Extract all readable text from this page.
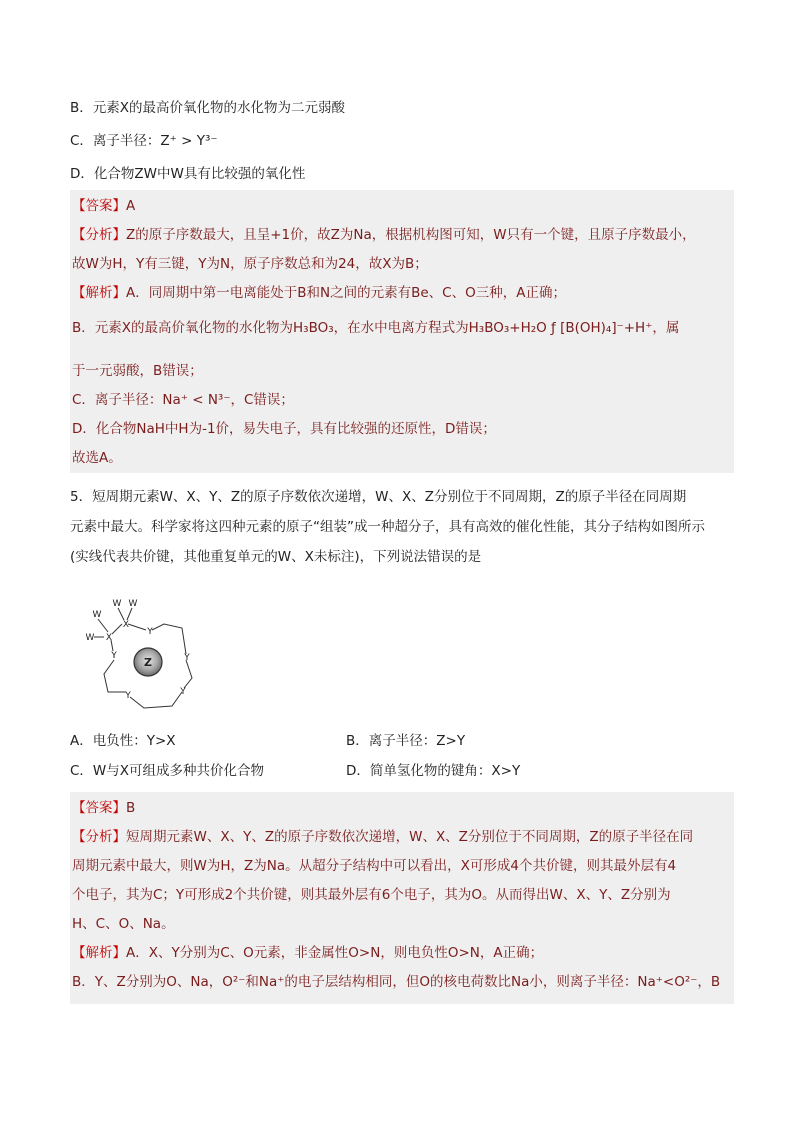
B．元素X的最高价氧化物的水化物为二元弱酸
C．离子半径：Z⁺ > Y³⁻
D．化合物ZW中W具有比较强的氧化性
【答案】A
【分析】Z的原子序数最大，且呈+1价，故Z为Na，根据机构图可知，W只有一个键，且原子序数最小，
故W为H，Y有三键，Y为N，原子序数总和为24，故X为B；
【解析】A．同周期中第一电离能处于B和N之间的元素有Be、C、O三种，A正确；
B．元素X的最高价氧化物的水化物为H₃BO₃，在水中电离方程式为H₃BO₃+H₂O ƒ [B(OH)₄]⁻+H⁺，属
于一元弱酸，B错误；
C．离子半径：Na⁺ < N³⁻，C错误；
D．化合物NaH中H为-1价，易失电子，具有比较强的还原性，D错误；
故选A。
5．短周期元素W、X、Y、Z的原子序数依次递增，W、X、Z分别位于不同周期，Z的原子半径在同周期
元素中最大。科学家将这四种元素的原子“组装”成一种超分子，具有高效的催化性能，其分子结构如图所示
(实线代表共价键，其他重复单元的W、X未标注)，下列说法错误的是
W W
W
W
X
X
Y
Y
Y
Y
Y Z
A．电负性：Y>X	B．离子半径：Z>Y
C．W与X可组成多种共价化合物	D．简单氢化物的键角：X>Y
【答案】B
【分析】短周期元素W、X、Y、Z的原子序数依次递增，W、X、Z分别位于不同周期，Z的原子半径在同
周期元素中最大，则W为H，Z为Na。从超分子结构中可以看出，X可形成4个共价键，则其最外层有4
个电子，其为C；Y可形成2个共价键，则其最外层有6个电子，其为O。从而得出W、X、Y、Z分别为
H、C、O、Na。
【解析】A．X、Y分别为C、O元素，非金属性O>N，则电负性O>N，A正确；
B．Y、Z分别为O、Na，O²⁻和Na⁺的电子层结构相同，但O的核电荷数比Na小，则离子半径：Na⁺<O²⁻，B
